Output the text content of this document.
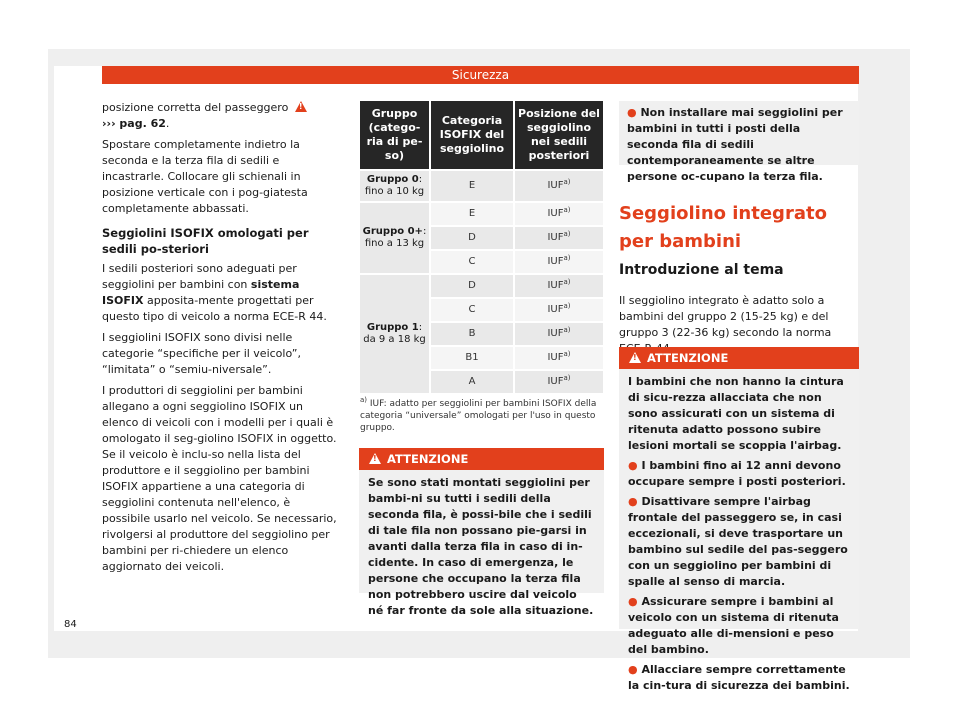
Sicurezza

posizione corretta del passeggero !
››› pag. 62.

Spostare completamente indietro la seconda e la terza fila di sedili e incastrarle. Collocare gli schienali in posizione verticale con i pog-giatesta completamente abbassati.

Seggiolini ISOFIX omologati per sedili po-steriori

I sedili posteriori sono adeguati per seggiolini per bambini con sistema ISOFIX apposita-mente progettati per questo tipo di veicolo a norma ECE-R 44.

I seggiolini ISOFIX sono divisi nelle categorie “specifiche per il veicolo”, “limitata” o “semiu-niversale”.

I produttori di seggiolini per bambini allegano a ogni seggiolino ISOFIX un elenco di veicoli con i modelli per i quali è omologato il seg-giolino ISOFIX in oggetto. Se il veicolo è inclu-so nella lista del produttore e il seggiolino per bambini ISOFIX appartiene a una categoria di seggiolini contenuta nell'elenco, è possibile usarlo nel veicolo. Se necessario, rivolgersi al produttore del seggiolino per bambini per ri-chiedere un elenco aggiornato dei veicoli.

Gruppo (catego-ria di pe-so)	Categoria ISOFIX del seggiolino	Posizione del seggiolino nei sedili posteriori
Gruppo 0:
fino a 10 kg	E	IUF$^{a)}$
Gruppo 0+:
fino a 13 kg	E	IUF$^{a)}$
	D	IUF$^{a)}$
	C	IUF$^{a)}$
Gruppo 1:
da 9 a 18 kg	D	IUF$^{a)}$
	C	IUF$^{a)}$
	B	IUF$^{a)}$
	B1	IUF$^{a)}$
	A	IUF$^{a)}$
$^{a)}$ IUF: adatto per seggiolini per bambini ISOFIX della categoria “universale” omologati per l'uso in questo gruppo.
!ATTENZIONE

Se sono stati montati seggiolini per bambi-ni su tutti i sedili della seconda fila, è possi-bile che i sedili di tale fila non possano pie-garsi in avanti dalla terza fila in caso di in-cidente. In caso di emergenza, le persone che occupano la terza fila non potrebbero uscire dal veicolo né far fronte da sole alla situazione.

● Non installare mai seggiolini per bambini in tutti i posti della seconda fila di sedili contemporaneamente se altre persone oc-cupano la terza fila.
Seggiolino integrato per bambini
Introduzione al tema

Il seggiolino integrato è adatto solo a bambini del gruppo 2 (15-25 kg) e del gruppo 3 (22-36 kg) secondo la norma

!ATTENZIONE

I bambini che non hanno la cintura di sicu-rezza allacciata che non sono assicurati con un sistema di ritenuta adatto possono subire lesioni mortali se scoppia l'airbag.

● I bambini fino ai 12 anni devono occupare sempre i posti posteriori.

● Disattivare sempre l'airbag frontale del passeggero se, in casi eccezionali, si deve trasportare un bambino sul sedile del pas-seggero con un seggiolino per bambini di spalle al senso di marcia.

● Assicurare sempre i bambini al veicolo con un sistema di ritenuta adeguato alle di-mensioni e peso del bambino.

● Allacciare sempre correttamente la cin-tura di sicurezza dei bambini.

84
